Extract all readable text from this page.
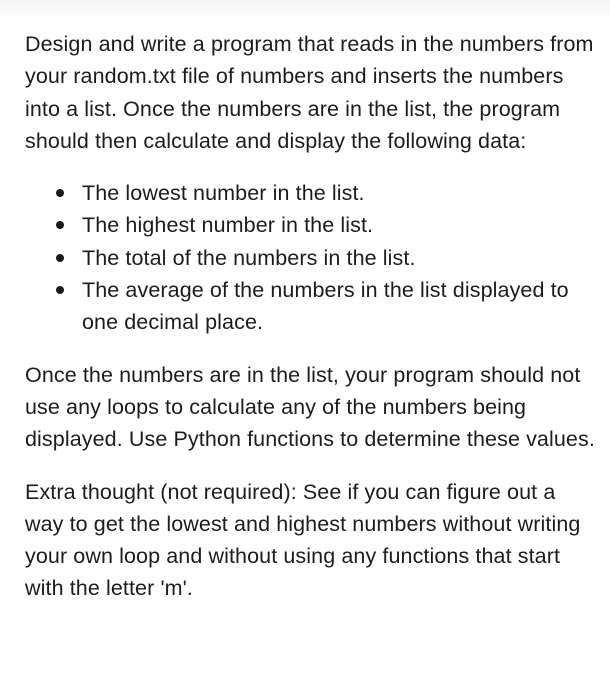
Design and write a program that reads in the numbers from your random.txt file of numbers and inserts the numbers into a list. Once the numbers are in the list, the program should then calculate and display the following data:

The lowest number in the list.
The highest number in the list.
The total of the numbers in the list.
The average of the numbers in the list displayed to one decimal place.

Once the numbers are in the list, your program should not use any loops to calculate any of the numbers being displayed. Use Python functions to determine these values.

Extra thought (not required): See if you can figure out a way to get the lowest and highest numbers without writing your own loop and without using any functions that start with the letter 'm'.
